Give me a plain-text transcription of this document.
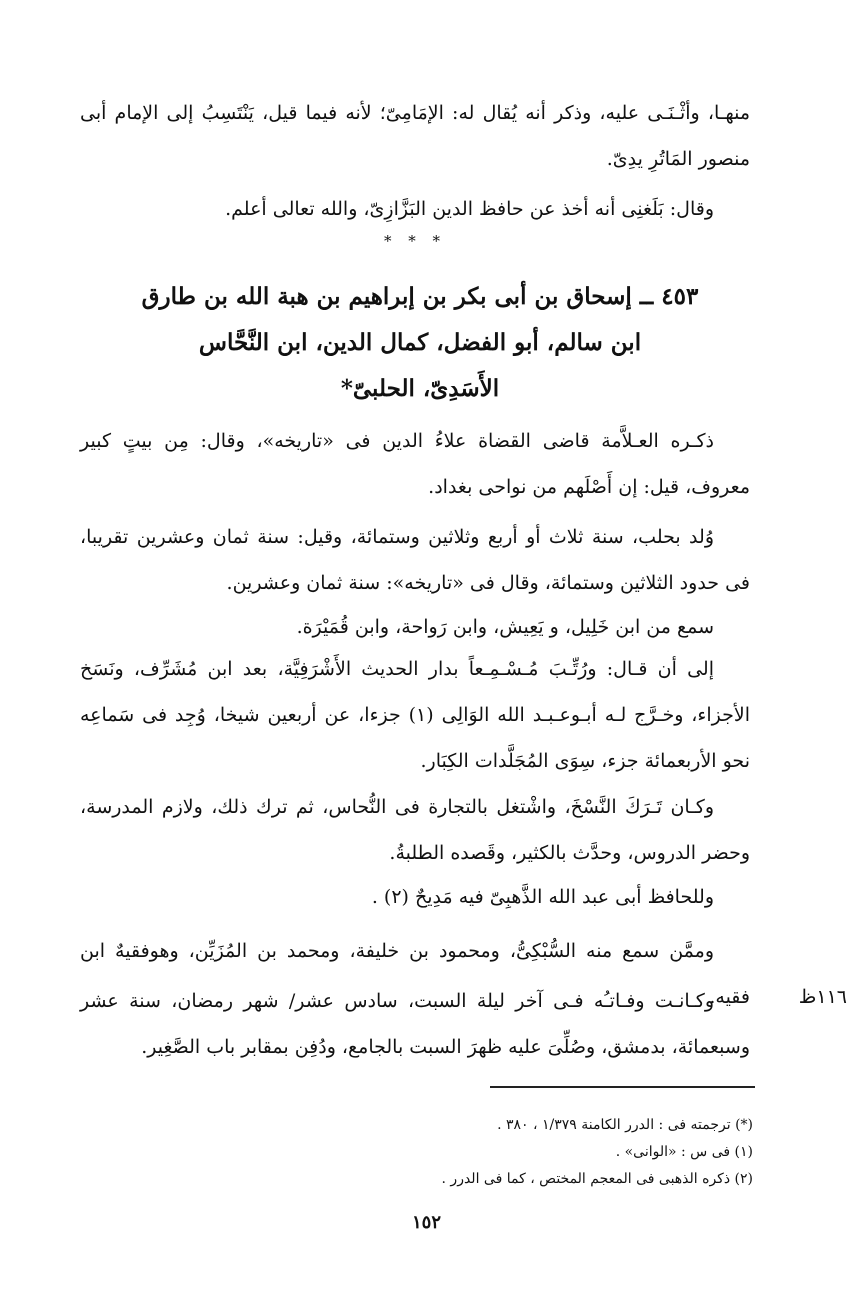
منهـا، وأثْـنَـى عليه، وذكر أنه يُقال له: الإمَامِىّ؛ لأنه فيما قيل، يَنْتَسِبُ إلى الإمام أبى منصور المَاتُرِ يدِىّ.

وقال: بَلَغنِى أنه أخذ عن حافظ الدين البَزَّازِىّ، والله تعالى أعلم.

* * *

٤٥٣ ــ إسحاق بن أبى بكر بن إبراهيم بن هبة الله بن طارق

ابن سالم، أبو الفضل، كمال الدين، ابن النَّحَّاس

الأَسَدِىّ، الحلبىّ*

ذكـره العـلاَّمة قاضى القضاة علاءُ الدين فى «تاريخه»، وقال: مِن بيتٍ كبير معروف، قيل: إن أَصْلَهم من نواحى بغداد.

وُلد بحلب، سنة ثلاث أو أربع وثلاثين وستمائة، وقيل: سنة ثمان وعشرين تقريبا، فى حدود الثلاثين وستمائة، وقال فى «تاريخه»: سنة ثمان وعشرين.

سمع من ابن خَلِيل، و يَعِيش، وابن رَواحة، وابن قُمَيْرَة.

إلى أن قـال: ورُتِّـبَ مُـسْـمِـعاً بدار الحديث الأَشْرَفِيَّة، بعد ابن مُشَرِّف، ونَسَخ الأجزاء، وخـرَّج لـه أبـوعـبـد الله الوَالِى (١) جزءا، عن أربعين شيخا، وُجِد فى سَماعِه نحو الأربعمائة جزء، سِوَى المُجَلَّدات الكِبَار.

وكـان تَـرَكَ النَّسْخَ، واشْتغل بالتجارة فى النُّحاس، ثم ترك ذلك، ولازم المدرسة، وحضر الدروس، وحدَّث بالكثير، وقَصده الطلبةُ.

وللحافظ أبى عبد الله الذَّهبِىّ فيه مَدِيحٌ (٢) .

وممَّن سمع منه السُّبْكِىُّ، ومحمود بن خليفة، ومحمد بن المُزَيِّن، وهوفقيهٌ ابن فقيه.

وكـانـت وفـاتـُه فـى آخر ليلة السبت، سادس عشر/ شهر رمضان، سنة عشر وسبعمائة، بدمشق، وصُلِّىَ عليه ظهرَ السبت بالجامع، ودُفِن بمقابر باب الصَّغِير.

١١٦ظ

(*) ترجمته فى : الدرر الكامنة ١/٣٧٩ ، ٣٨٠ .

(١) فى س : «الوانى» .

(٢) ذكره الذهبى فى المعجم المختص ، كما فى الدرر .

١٥٢
